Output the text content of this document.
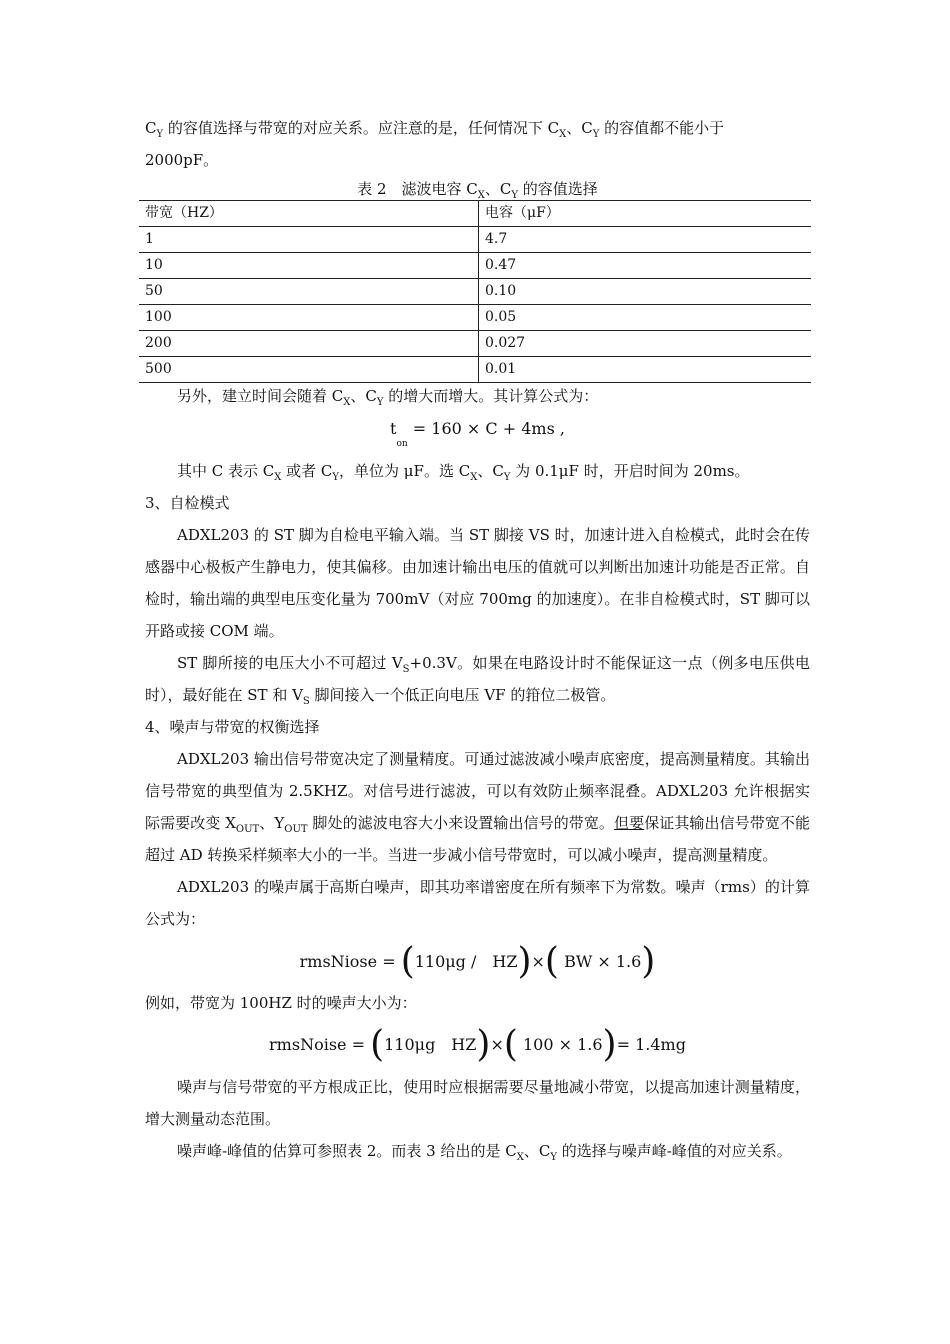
$C_Y$ 的容值选择与带宽的对应关系。应注意的是，任何情况下 $C_X$、$C_Y$ 的容值都不能小于
2000pF。

表 2　滤波电容 $C_X$、$C_Y$ 的容值选择

带宽（HZ）	电容（μF）
1	4.7
10	0.47
50	0.10
100	0.05
200	0.027
500	0.01

另外，建立时间会随着 $C_X$、$C_Y$ 的增大而增大。其计算公式为：

$t_{on} = 160 \times C + 4ms$ ,

其中 C 表示 $C_X$ 或者 $C_Y$，单位为 μF。选 $C_X$、$C_Y$ 为 0.1μF 时，开启时间为 20ms。

3、自检模式

ADXL203 的 ST 脚为自检电平输入端。当 ST 脚接 VS 时，加速计进入自检模式，此时会在传感器中心极板产生静电力，使其偏移。由加速计输出电压的值就可以判断出加速计功能是否正常。自检时，输出端的典型电压变化量为 700mV（对应 700mg 的加速度）。在非自检模式时，ST 脚可以开路或接 COM 端。

ST 脚所接的电压大小不可超过 $V_S+0.3V$。如果在电路设计时不能保证这一点（例多电压供电时），最好能在 ST 和 $V_S$ 脚间接入一个低正向电压 VF 的箝位二极管。

4、噪声与带宽的权衡选择

ADXL203 输出信号带宽决定了测量精度。可通过滤波减小噪声底密度，提高测量精度。其输出信号带宽的典型值为 2.5KHZ。对信号进行滤波，可以有效防止频率混叠。ADXL203 允许根据实际需要改变 $X_{OUT}$、$Y_{OUT}$ 脚处的滤波电容大小来设置输出信号的带宽。但要保证其输出信号带宽不能超过 AD 转换采样频率大小的一半。当进一步减小信号带宽时，可以减小噪声，提高测量精度。

ADXL203 的噪声属于高斯白噪声，即其功率谱密度在所有频率下为常数。噪声（rms）的计算公式为：

rmsNiose = (110μg /　HZ)×( BW × 1.6)

例如，带宽为 100HZ 时的噪声大小为：

rmsNoise = (110μg　HZ)×( 100 × 1.6)= 1.4mg

噪声与信号带宽的平方根成正比，使用时应根据需要尽量地减小带宽，以提高加速计测量精度，增大测量动态范围。

噪声峰-峰值的估算可参照表 2。而表 3 给出的是 $C_X$、$C_Y$ 的选择与噪声峰-峰值的对应关系。
